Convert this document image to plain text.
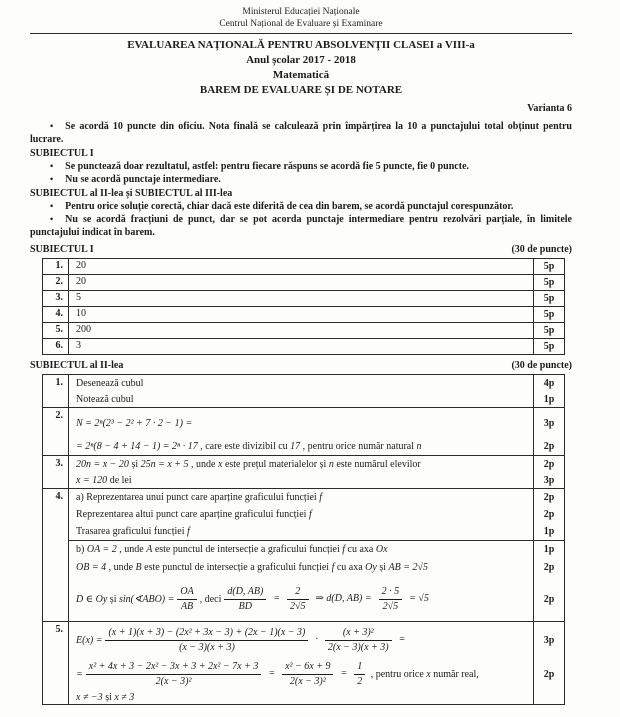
Ministerul Educației Naționale
Centrul Național de Evaluare și Examinare
EVALUAREA NAȚIONALĂ PENTRU ABSOLVENȚII CLASEI a VIII-a
Anul școlar 2017 - 2018
Matematică
BAREM DE EVALUARE ȘI DE NOTARE
Varianta 6

• Se acordă 10 puncte din oficiu. Nota finală se calculează prin împărțirea la 10 a punctajului total obținut pentru lucrare.

SUBIECTUL I

• Se punctează doar rezultatul, astfel: pentru fiecare răspuns se acordă fie 5 puncte, fie 0 puncte.

• Nu se acordă punctaje intermediare.

SUBIECTUL al II-lea și SUBIECTUL al III-lea

• Pentru orice soluție corectă, chiar dacă este diferită de cea din barem, se acordă punctajul corespunzător.

• Nu se acordă fracțiuni de punct, dar se pot acorda punctaje intermediare pentru rezolvări parțiale, în limitele punctajului indicat în barem.

SUBIECTUL I	(30 de puncte)
1.	20	5p
2.	20	5p
3.	5	5p
4.	10	5p
5.	200	5p
6.	3	5p
SUBIECTUL al II-lea	(30 de puncte)
1.	Desenează cubul	4p
Notează cubul	1p
2.
N = 2ⁿ(2³ − 2² + 7 · 2 − 1) =	3p
= 2ⁿ(8 − 4 + 14 − 1) = 2ⁿ · 17 , care este divizibil cu 17 , pentru orice număr natural n	2p
3.	20n = x − 20 și 25n = x + 5 , unde x este prețul materialelor și n este numărul elevilor	2p
x = 120 de lei	3p
4.	a) Reprezentarea unui punct care aparține graficului funcției f	2p
Reprezentarea altui punct care aparține graficului funcției f	2p
Trasarea graficului funcției f	1p
b) OA = 2 , unde A este punctul de intersecție a graficului funcției f cu axa Ox	1p
OB = 4 , unde B este punctul de intersecție a graficului funcției f cu axa Oy și AB = 2√5	2p
D ∈ Oy și sin(∢ABO) = $\frac{OA}{AB}$ , deci $\frac{d(D, AB)}{BD} = \frac{2}{2√5}$ ⇒ d(D, $AB) = \frac{2 \cdot 5}{2√5} = √5$	2p
5.
$E(x) = \frac{\text{(x + 1)(x + 3) − (2x² + 3x − 3) + (2x − 1)(x − 3)}}{(x - 3)(x + 3)} \cdot \frac{\text{(x + 3)²}}{2(x - 3)(x + 3)}$ =	3p
= $\frac{\text{x² + 4x + 3 − 2x² − 3x + 3 + 2x² − 7x + 3}}{\text{2(x − 3)²}} = \frac{\text{x² − 6x + 9}}{\text{2(x − 3)²}} = \frac{1}{2}$ , pentru orice x număr real,	2p
x ≠ −3 și x ≠ 3
